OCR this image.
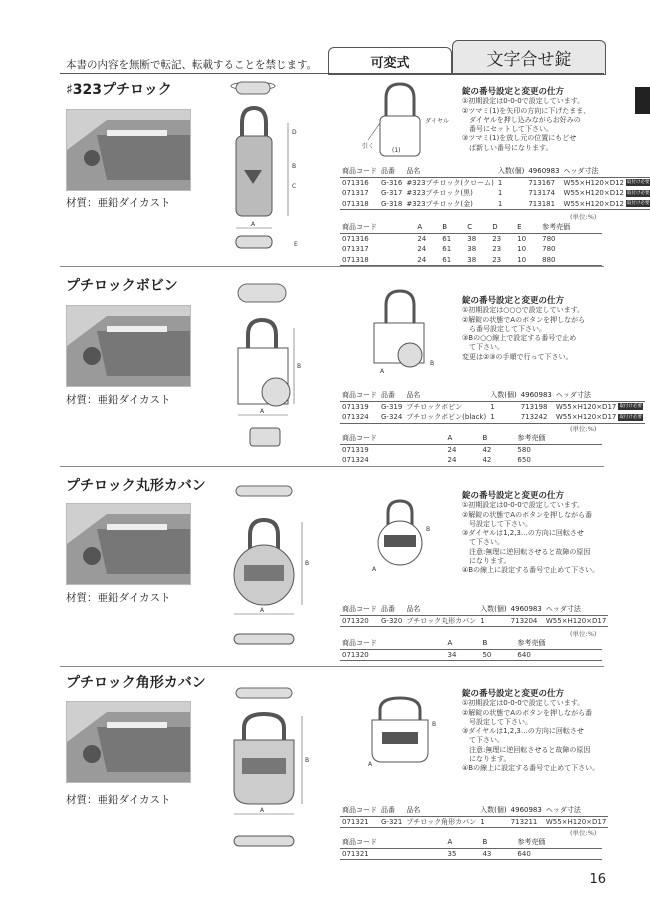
本書の内容を無断で転記、転載することを禁じます。	可変式	文字合せ錠
♯323プチロック
材質：亜鉛ダイカスト
B
D
C
A
E
引く
ダイヤル
(1)
錠の番号設定と変更の仕方
①初期設定は0-0-0で設定しています。
②ツマミ(1)を矢印の方向に下げたまま、
　ダイヤルを押し込みながらお好みの
　番号にセットして下さい。
③ツマミ(1)を放し元の位置にもどせ
　ば新しい番号になります。
商品コード	品番	品名	入数(個)	4960983	ヘッダ寸法
071316	G-316	#323プチロック(クローム)	1	713167	W55×H120×D12 取付け必要
071317	G-317	#323プチロック(黒)	1	713174	W55×H120×D12 取付け必要
071318	G-318	#323プチロック(金)	1	713181	W55×H120×D12 取付け必要
(単位:%)
商品コード	A	B	C	D	E	参考売価
071316	24	61	38	23	10	780
071317	24	61	38	23	10	780
071318	24	61	38	23	10	880
プチロックボビン
材質：亜鉛ダイカスト
B
A
A
B
錠の番号設定と変更の仕方
①初期設定は○○○で設定しています。
②解錠の状態でAのボタンを押しながら
　ら番号設定して下さい。
③Bの○○線上で設定する番号で止め
　て下さい。
変更は②③の手順で行って下さい。
商品コード	品番	品名	入数(個)	4960983	ヘッダ寸法
071319	G-319	プチロックボビン	1	713198	W55×H120×D17 取付け必要
071324	G-324	プチロックボビン(black)	1	713242	W55×H120×D17 取付け必要
(単位:%)
商品コード	A	B	参考売価
071319	24	42	580
071324	24	42	650
プチロック丸形カバン
材質：亜鉛ダイカスト
B
A
A
B
錠の番号設定と変更の仕方
①初期設定は0-0-0で設定しています。
②解錠の状態でAのボタンを押しながら番
　号設定して下さい。
③ダイヤルは1,2,3…の方向に回転させ
　て下さい。
　注意:無理に逆回転させると故障の原因
　になります。
④Bの線上に設定する番号で止めて下さい。
商品コード	品番	品名	入数(個)	4960983	ヘッダ寸法
071320	G-320	プチロック丸形カバン	1	713204	W55×H120×D17
(単位:%)
商品コード	A	B	参考売価
071320	34	50	640
プチロック角形カバン
材質：亜鉛ダイカスト
B
A
A
B
錠の番号設定と変更の仕方
①初期設定は0-0-0で設定しています。
②解錠の状態でAのボタンを押しながら番
　号設定して下さい。
③ダイヤルは1,2,3…の方向に回転させ
　て下さい。
　注意:無理に逆回転させると故障の原因
　になります。
④Bの線上に設定する番号で止めて下さい。
商品コード	品番	品名	入数(個)	4960983	ヘッダ寸法
071321	G-321	プチロック角形カバン	1	713211	W55×H120×D17
(単位:%)
商品コード	A	B	参考売価
071321	35	43	640
16
